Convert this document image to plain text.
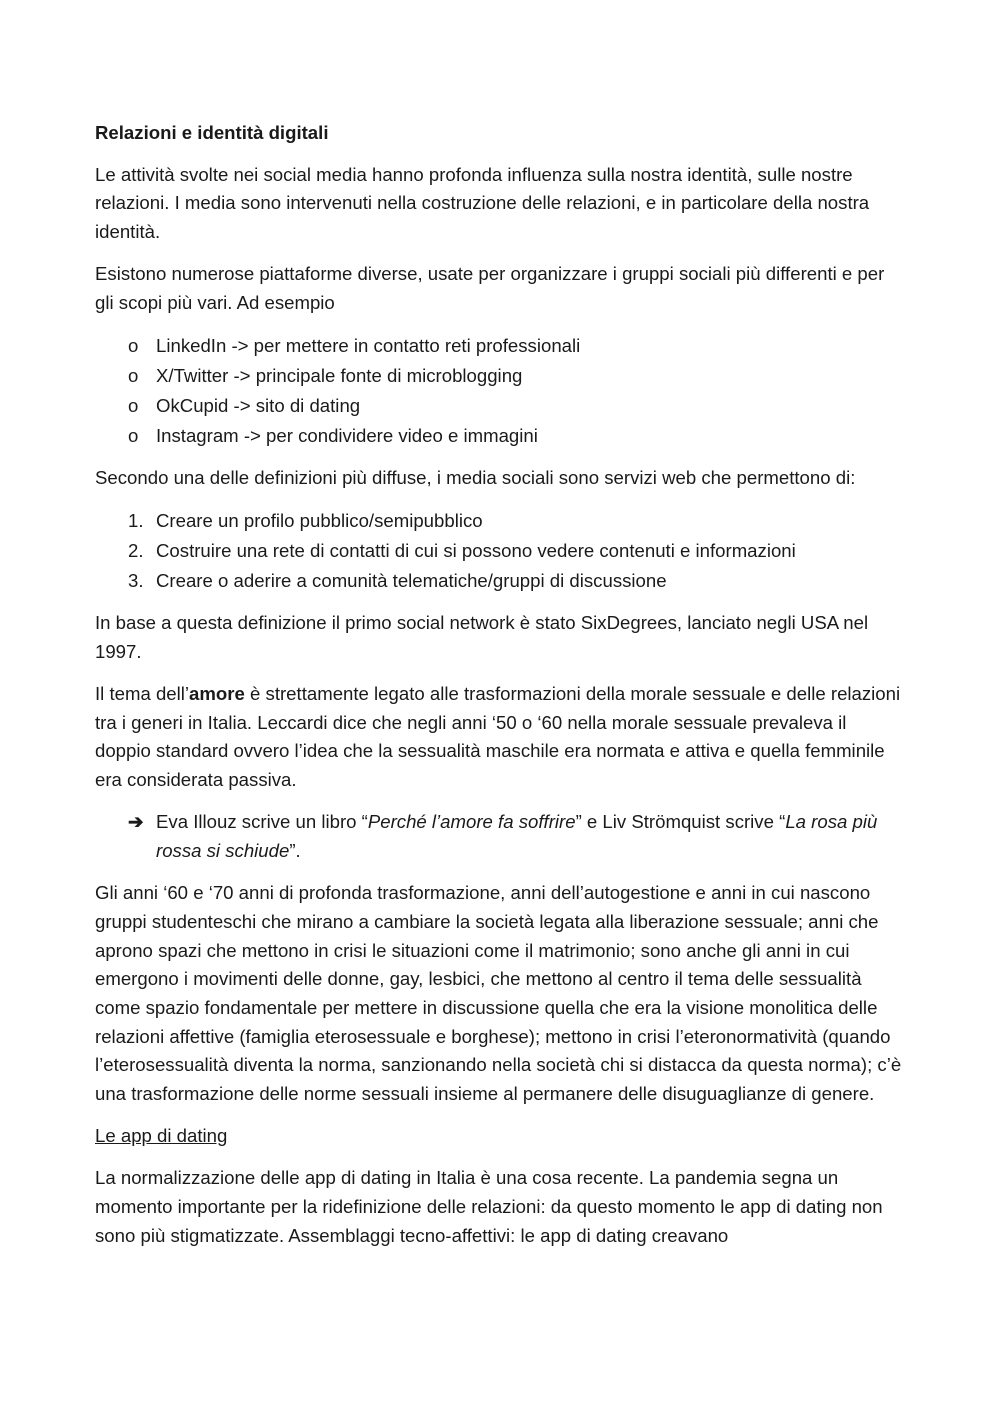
Relazioni e identità digitali

Le attività svolte nei social media hanno profonda influenza sulla nostra identità, sulle nostre relazioni. I media sono intervenuti nella costruzione delle relazioni, e in particolare della nostra identità.

Esistono numerose piattaforme diverse, usate per organizzare i gruppi sociali più differenti e per gli scopi più vari. Ad esempio

o LinkedIn -> per mettere in contatto reti professionali
o X/Twitter -> principale fonte di microblogging
o OkCupid -> sito di dating
o Instagram -> per condividere video e immagini

Secondo una delle definizioni più diffuse, i media sociali sono servizi web che permettono di:

1. Creare un profilo pubblico/semipubblico
2. Costruire una rete di contatti di cui si possono vedere contenuti e informazioni
3. Creare o aderire a comunità telematiche/gruppi di discussione

In base a questa definizione il primo social network è stato SixDegrees, lanciato negli USA nel 1997.

Il tema dell’amore è strettamente legato alle trasformazioni della morale sessuale e delle relazioni tra i generi in Italia. Leccardi dice che negli anni ‘50 o ‘60 nella morale sessuale prevaleva il doppio standard ovvero l’idea che la sessualità maschile era normata e attiva e quella femminile era considerata passiva.

➔ Eva Illouz scrive un libro “Perché l’amore fa soffrire” e Liv Strömquist scrive “La rosa più rossa si schiude”.

Gli anni ‘60 e ‘70 anni di profonda trasformazione, anni dell’autogestione e anni in cui nascono gruppi studenteschi che mirano a cambiare la società legata alla liberazione sessuale; anni che aprono spazi che mettono in crisi le situazioni come il matrimonio; sono anche gli anni in cui emergono i movimenti delle donne, gay, lesbici, che mettono al centro il tema delle sessualità come spazio fondamentale per mettere in discussione quella che era la visione monolitica delle relazioni affettive (famiglia eterosessuale e borghese); mettono in crisi l’eteronormatività (quando l’eterosessualità diventa la norma, sanzionando nella società chi si distacca da questa norma); c’è una trasformazione delle norme sessuali insieme al permanere delle disuguaglianze di genere.

Le app di dating

La normalizzazione delle app di dating in Italia è una cosa recente. La pandemia segna un momento importante per la ridefinizione delle relazioni: da questo momento le app di dating non sono più stigmatizzate. Assemblaggi tecno-affettivi: le app di dating creavano
